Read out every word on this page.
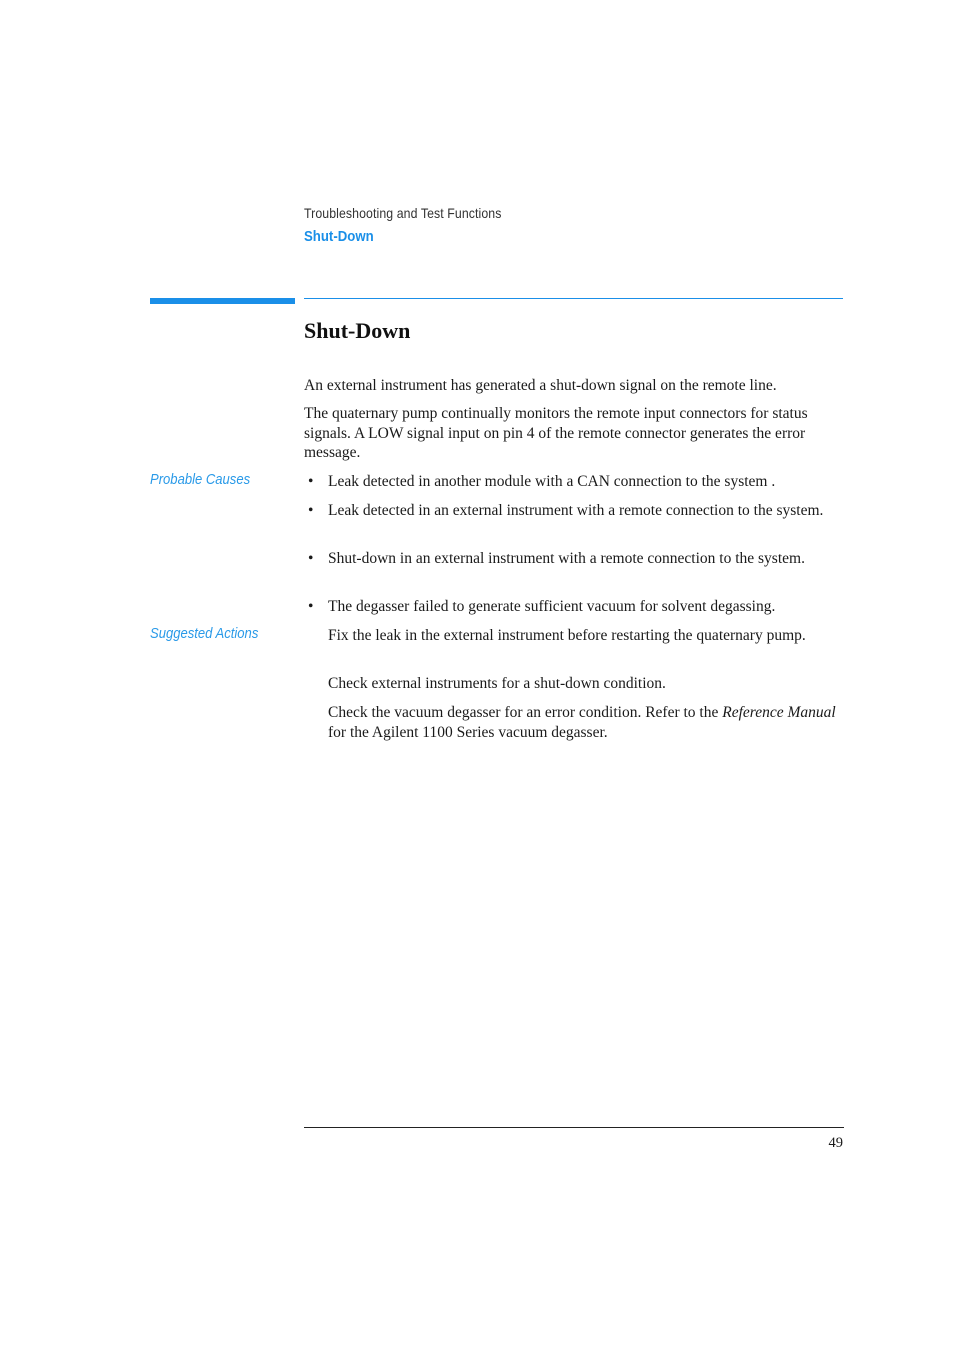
Troubleshooting and Test Functions
Shut-Down
Shut-Down
An external instrument has generated a shut-down signal on the remote line.
The quaternary pump continually monitors the remote input connectors for status signals. A LOW signal input on pin 4 of the remote connector generates the error message.
Probable Causes	• Leak detected in another module with a CAN connection to the system .
• Leak detected in an external instrument with a remote connection to the system.
• Shut-down in an external instrument with a remote connection to the system.
• The degasser failed to generate sufficient vacuum for solvent degassing.
Suggested Actions	Fix the leak in the external instrument before restarting the quaternary pump.
Check external instruments for a shut-down condition.
Check the vacuum degasser for an error condition. Refer to the Reference Manual for the Agilent 1100 Series vacuum degasser.
49
